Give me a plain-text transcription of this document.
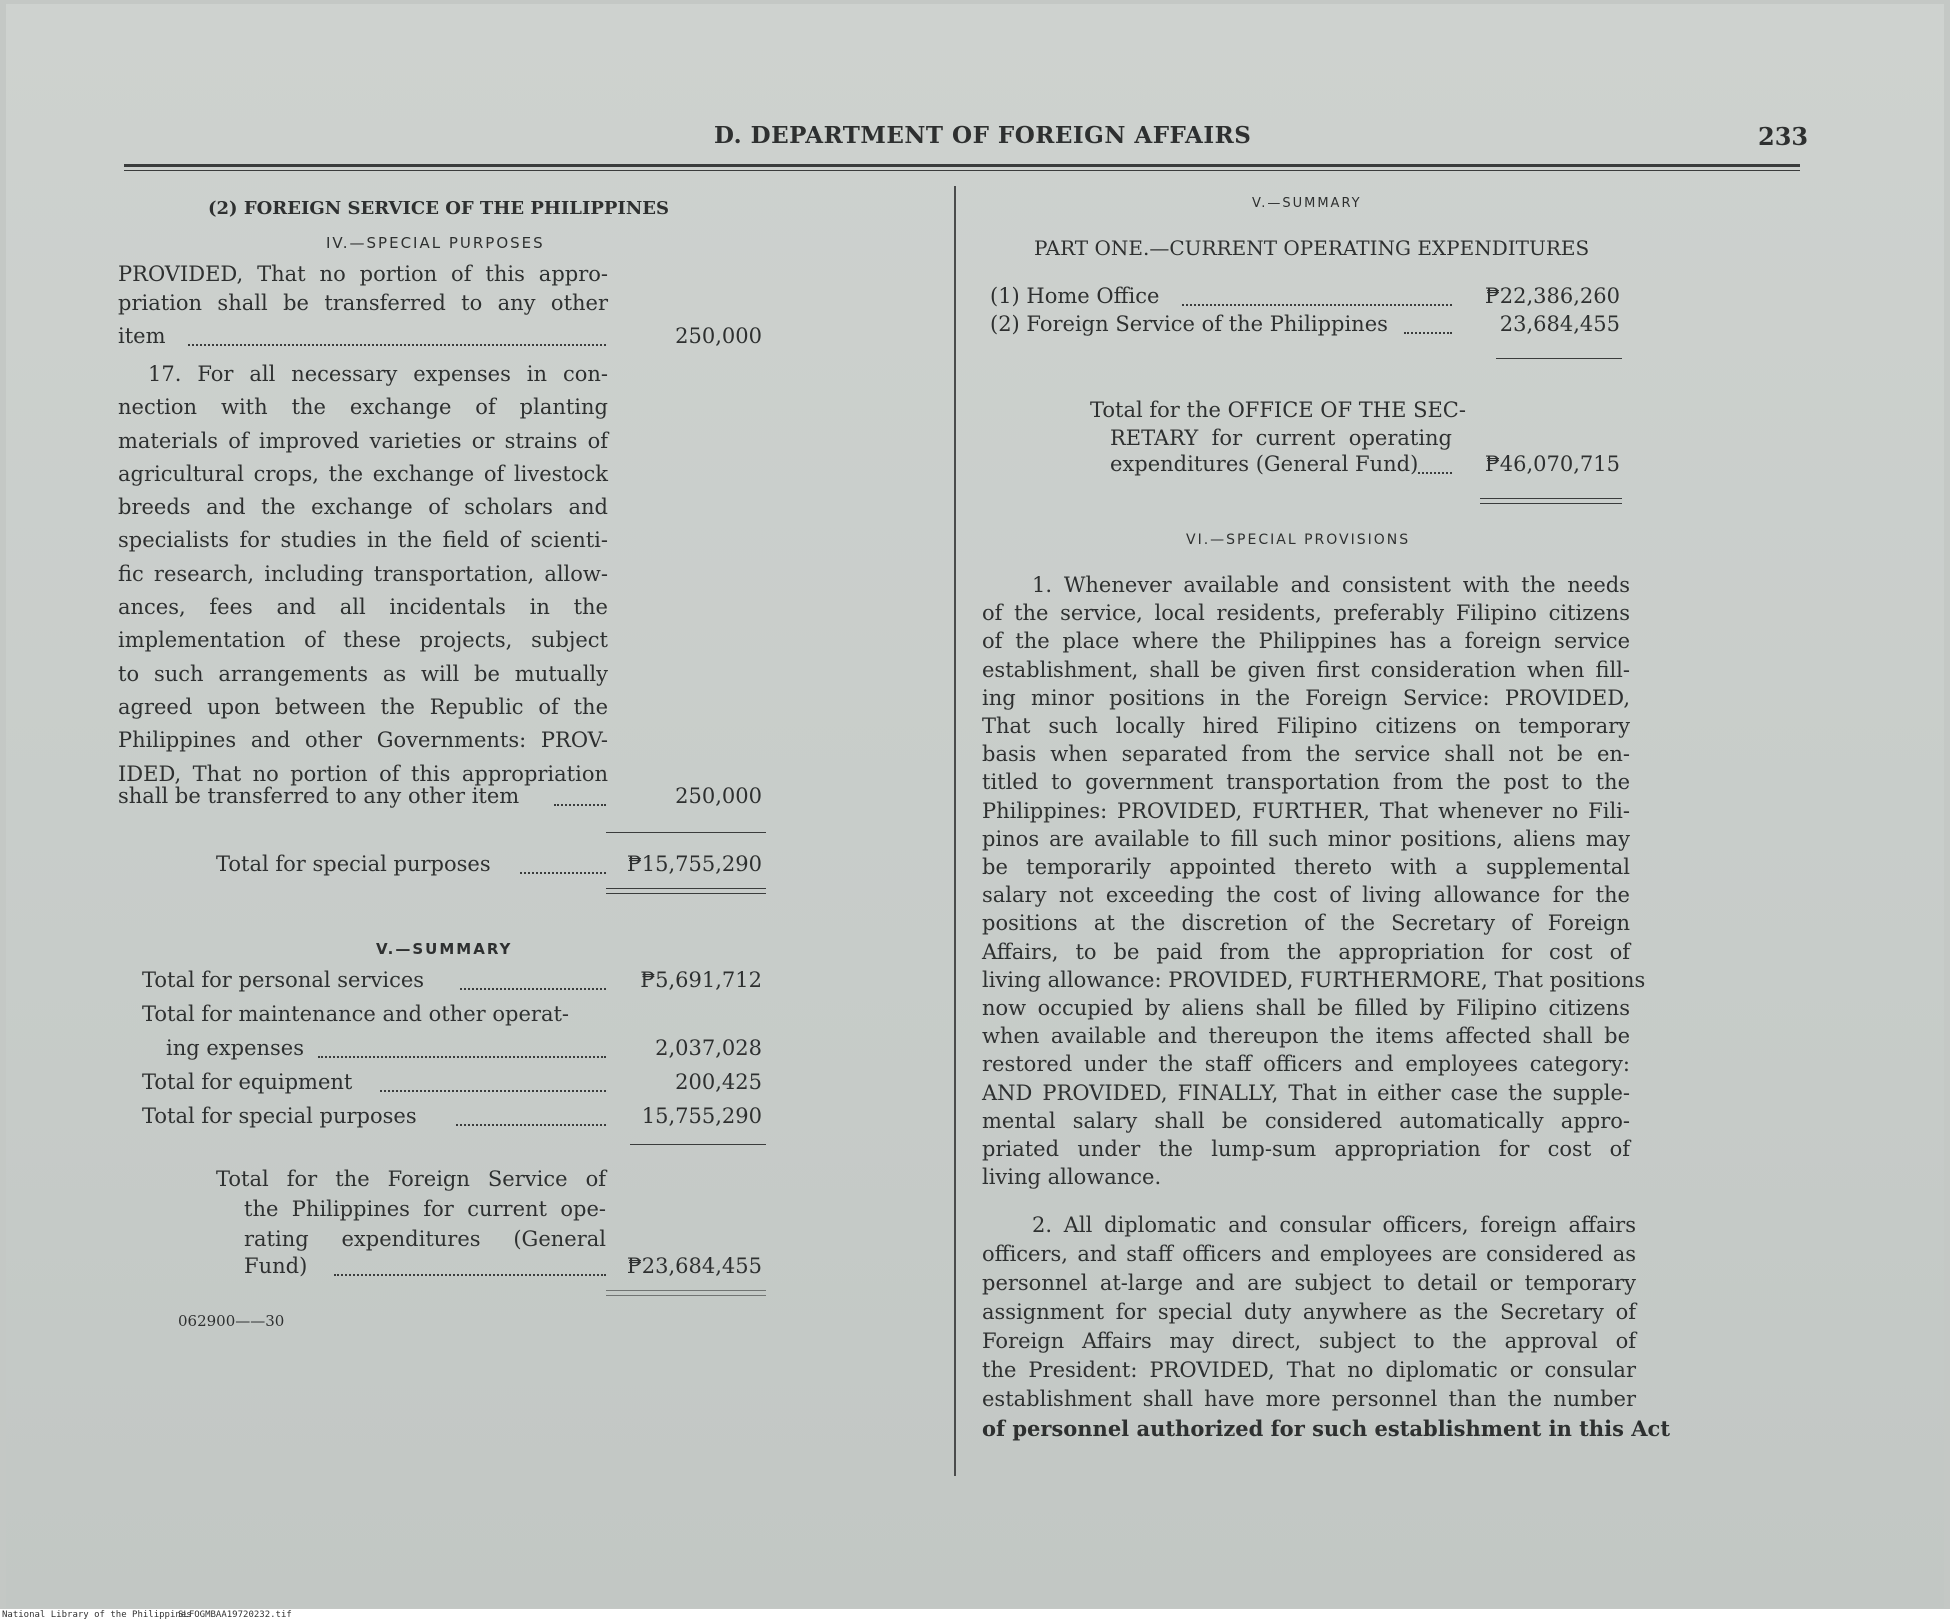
D. DEPARTMENT OF FOREIGN AFFAIRS	233
(2) FOREIGN SERVICE OF THE PHILIPPINES
IV.—SPECIAL PURPOSES
PROVIDED, That no portion of this appro-
priation shall be transferred to any other
item	250,000
17. For all necessary expenses in con-
nection with the exchange of planting
materials of improved varieties or strains of
agricultural crops, the exchange of livestock
breeds and the exchange of scholars and
specialists for studies in the field of scienti-
fic research, including transportation, allow-
ances, fees and all incidentals in the
implementation of these projects, subject
to such arrangements as will be mutually
agreed upon between the Republic of the
Philippines and other Governments: PROV-
IDED, That no portion of this appropriation
shall be transferred to any other item	250,000
Total for special purposes	₱15,755,290
V.—SUMMARY
Total for personal services	₱5,691,712
Total for maintenance and other operat-
ing expenses	2,037,028
Total for equipment	200,425
Total for special purposes	15,755,290
Total for the Foreign Service of
the Philippines for current ope-
rating expenditures (General
Fund)	₱23,684,455
062900——30
V.—SUMMARY
PART ONE.—CURRENT OPERATING EXPENDITURES
(1) Home Office	₱22,386,260
(2) Foreign Service of the Philippines	23,684,455
Total for the OFFICE OF THE SEC-
RETARY for current operating
expenditures (General Fund)	₱46,070,715
VI.—SPECIAL PROVISIONS
1. Whenever available and consistent with the needs
of the service, local residents, preferably Filipino citizens
of the place where the Philippines has a foreign service
establishment, shall be given first consideration when fill-
ing minor positions in the Foreign Service: PROVIDED,
That such locally hired Filipino citizens on temporary
basis when separated from the service shall not be en-
titled to government transportation from the post to the
Philippines: PROVIDED, FURTHER, That whenever no Fili-
pinos are available to fill such minor positions, aliens may
be temporarily appointed thereto with a supplemental
salary not exceeding the cost of living allowance for the
positions at the discretion of the Secretary of Foreign
Affairs, to be paid from the appropriation for cost of
living allowance: PROVIDED, FURTHERMORE, That positions
now occupied by aliens shall be filled by Filipino citizens
when available and thereupon the items affected shall be
restored under the staff officers and employees category:
AND PROVIDED, FINALLY, That in either case the supple-
mental salary shall be considered automatically appro-
priated under the lump-sum appropriation for cost of
living allowance.
2. All diplomatic and consular officers, foreign affairs
officers, and staff officers and employees are considered as
personnel at-large and are subject to detail or temporary
assignment for special duty anywhere as the Secretary of
Foreign Affairs may direct, subject to the approval of
the President: PROVIDED, That no diplomatic or consular
establishment shall have more personnel than the number
of personnel authorized for such establishment in this Act
National Library of the Philippines
SLFOGMBAA19720232.tif
